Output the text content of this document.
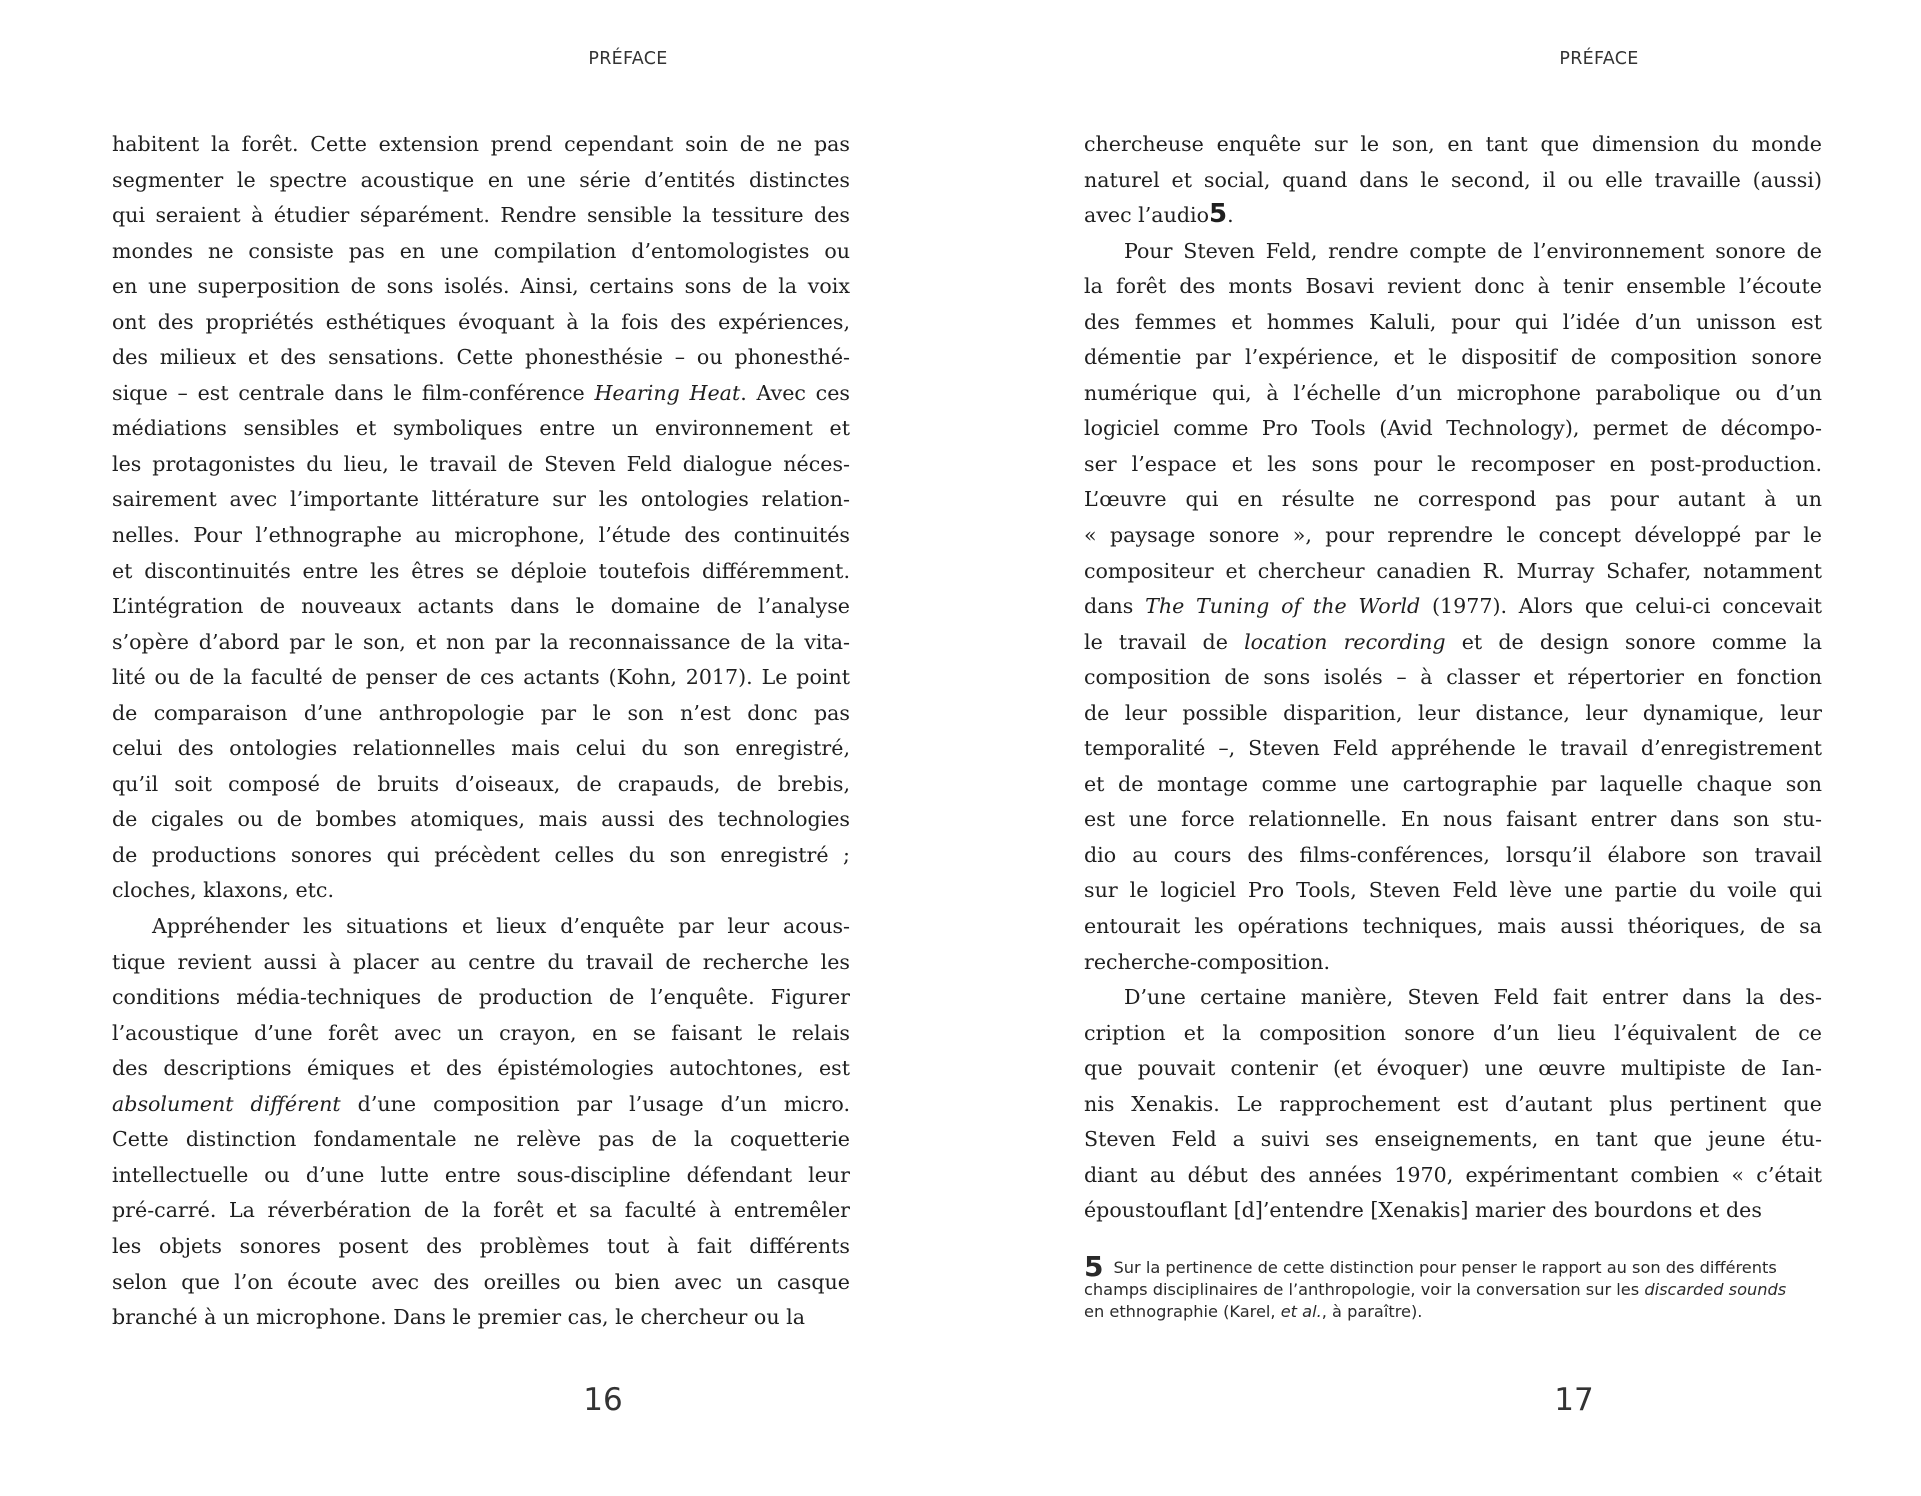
PRÉFACE
habitent la forêt. Cette extension prend cependant soin de ne pas
segmenter le spectre acoustique en une série d’entités distinctes
qui seraient à étudier séparément. Rendre sensible la tessiture des
mondes ne consiste pas en une compilation d’entomologistes ou
en une superposition de sons isolés. Ainsi, certains sons de la voix
ont des propriétés esthétiques évoquant à la fois des expériences,
des milieux et des sensations. Cette phonesthésie – ou phonesthé-
sique – est centrale dans le film-conférence Hearing Heat. Avec ces
médiations sensibles et symboliques entre un environnement et
les protagonistes du lieu, le travail de Steven Feld dialogue néces-
sairement avec l’importante littérature sur les ontologies relation-
nelles. Pour l’ethnographe au microphone, l’étude des continuités
et discontinuités entre les êtres se déploie toutefois différemment.
L’intégration de nouveaux actants dans le domaine de l’analyse
s’opère d’abord par le son, et non par la reconnaissance de la vita-
lité ou de la faculté de penser de ces actants (Kohn, 2017). Le point
de comparaison d’une anthropologie par le son n’est donc pas
celui des ontologies relationnelles mais celui du son enregistré,
qu’il soit composé de bruits d’oiseaux, de crapauds, de brebis,
de cigales ou de bombes atomiques, mais aussi des technologies
de productions sonores qui précèdent celles du son enregistré ;
cloches, klaxons, etc.
Appréhender les situations et lieux d’enquête par leur acous-
tique revient aussi à placer au centre du travail de recherche les
conditions média-techniques de production de l’enquête. Figurer
l’acoustique d’une forêt avec un crayon, en se faisant le relais
des descriptions émiques et des épistémologies autochtones, est
absolument différent d’une composition par l’usage d’un micro.
Cette distinction fondamentale ne relève pas de la coquetterie
intellectuelle ou d’une lutte entre sous-discipline défendant leur
pré-carré. La réverbération de la forêt et sa faculté à entremêler
les objets sonores posent des problèmes tout à fait différents
selon que l’on écoute avec des oreilles ou bien avec un casque
branché à un microphone. Dans le premier cas, le chercheur ou la
16
PRÉFACE
chercheuse enquête sur le son, en tant que dimension du monde
naturel et social, quand dans le second, il ou elle travaille (aussi)
avec l’audio5.
Pour Steven Feld, rendre compte de l’environnement sonore de
la forêt des monts Bosavi revient donc à tenir ensemble l’écoute
des femmes et hommes Kaluli, pour qui l’idée d’un unisson est
démentie par l’expérience, et le dispositif de composition sonore
numérique qui, à l’échelle d’un microphone parabolique ou d’un
logiciel comme Pro Tools (Avid Technology), permet de décompo-
ser l’espace et les sons pour le recomposer en post-production.
L’œuvre qui en résulte ne correspond pas pour autant à un
« paysage sonore », pour reprendre le concept développé par le
compositeur et chercheur canadien R. Murray Schafer, notamment
dans The Tuning of the World (1977). Alors que celui-ci concevait
le travail de location recording et de design sonore comme la
composition de sons isolés – à classer et répertorier en fonction
de leur possible disparition, leur distance, leur dynamique, leur
temporalité –, Steven Feld appréhende le travail d’enregistrement
et de montage comme une cartographie par laquelle chaque son
est une force relationnelle. En nous faisant entrer dans son stu-
dio au cours des films-conférences, lorsqu’il élabore son travail
sur le logiciel Pro Tools, Steven Feld lève une partie du voile qui
entourait les opérations techniques, mais aussi théoriques, de sa
recherche-composition.
D’une certaine manière, Steven Feld fait entrer dans la des-
cription et la composition sonore d’un lieu l’équivalent de ce
que pouvait contenir (et évoquer) une œuvre multipiste de Ian-
nis Xenakis. Le rapprochement est d’autant plus pertinent que
Steven Feld a suivi ses enseignements, en tant que jeune étu-
diant au début des années 1970, expérimentant combien « c’était
époustouflant [d]’entendre [Xenakis] marier des bourdons et des
5 Sur la pertinence de cette distinction pour penser le rapport au son des différents champs disciplinaires de l’anthropologie, voir la conversation sur les discarded sounds en ethnographie (Karel, et al., à paraître).
17
